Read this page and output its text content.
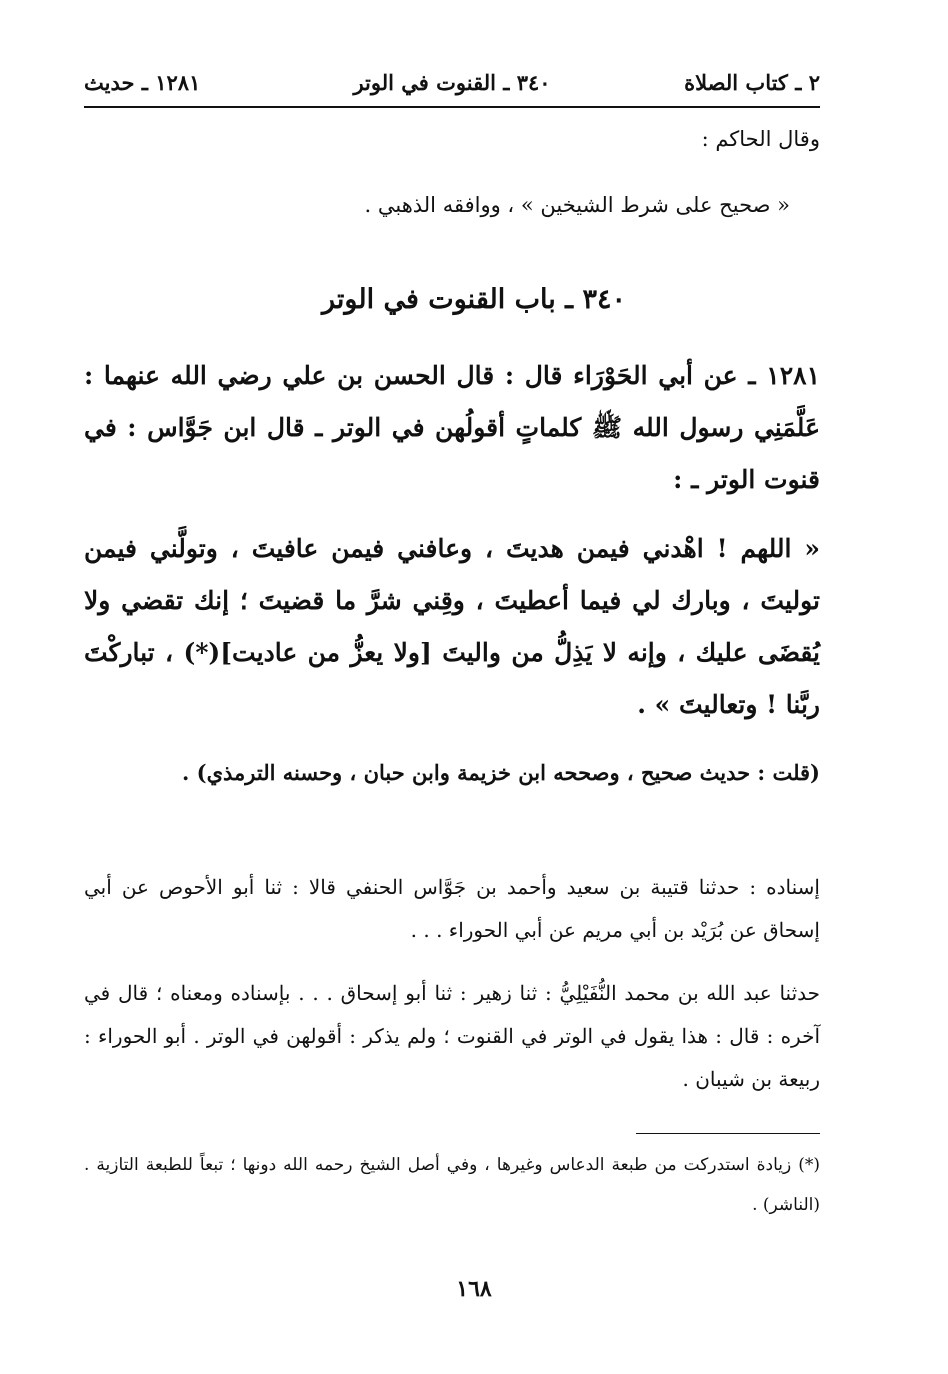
٣٤٠ ـ القنوت في الوتر	٢ ـ كتاب الصلاة
١٢٨١ ـ حديث
وقال الحاكم :
« صحيح على شرط الشيخين » ، ووافقه الذهبي .
٣٤٠ ـ باب القنوت في الوتر
١٢٨١ ـ عن أبي الحَوْرَاء قال : قال الحسن بن علي رضي الله عنهما : عَلَّمَنِي رسول الله ﷺ كلماتٍ أقولُهن في الوتر ـ قال ابن جَوَّاس : في قنوت الوتر ـ :
« اللهم ! اهْدني فيمن هديتَ ، وعافني فيمن عافيتَ ، وتولَّني فيمن توليتَ ، وبارك لي فيما أعطيتَ ، وقِني شرَّ ما قضيتَ ؛ إنك تقضي ولا يُقضَى عليك ، وإنه لا يَذِلُّ من واليتَ [ولا يعزُّ من عاديت](*) ، تباركْتَ ربَّنا ! وتعاليتَ » .
(قلت : حديث صحيح ، وصححه ابن خزيمة وابن حبان ، وحسنه الترمذي) .
إسناده : حدثنا قتيبة بن سعيد وأحمد بن جَوَّاس الحنفي قالا : ثنا أبو الأحوص عن أبي إسحاق عن بُرَيْد بن أبي مريم عن أبي الحوراء . . .
حدثنا عبد الله بن محمد النُّفَيْلِيُّ : ثنا زهير : ثنا أبو إسحاق . . . بإسناده ومعناه ؛ قال في آخره : قال : هذا يقول في الوتر في القنوت ؛ ولم يذكر : أقولهن في الوتر . أبو الحوراء : ربيعة بن شيبان .
(*) زيادة استدركت من طبعة الدعاس وغيرها ، وفي أصل الشيخ رحمه الله دونها ؛ تبعاً للطبعة التازية . (الناشر) .
١٦٨
